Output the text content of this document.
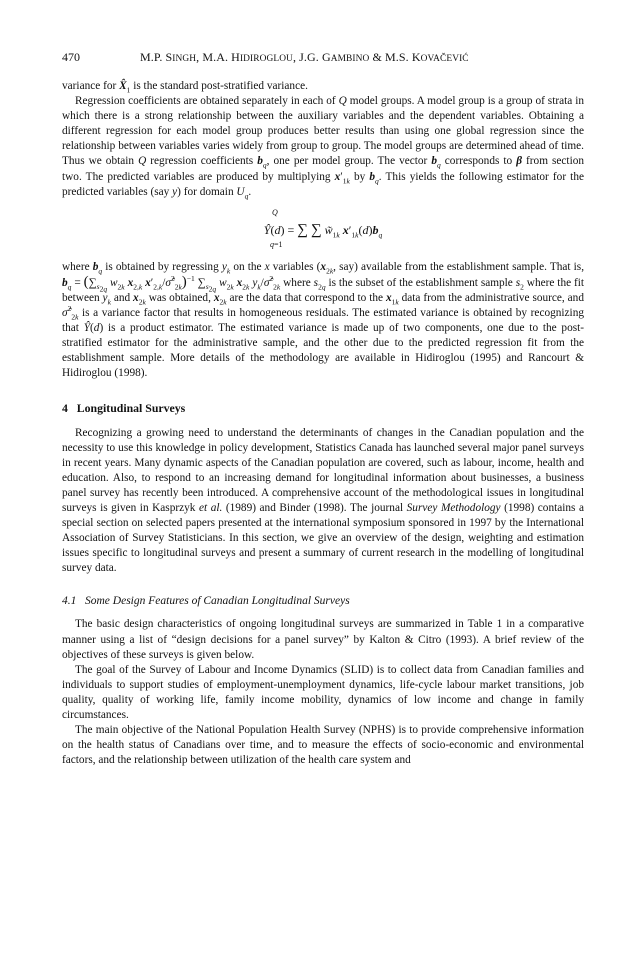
470	M.P. SINGH, M.A. HIDIROGLOU, J.G. GAMBINO & M.S. KOVAČEVIĆ

variance for $X̂_1$ is the standard post-stratified variance.

Regression coefficients are obtained separately in each of Q model groups. A model group is a group of strata in which there is a strong relationship between the auxiliary variables and the dependent variables. Obtaining a different regression for each model group produces better results than using one global regression since the relationship between variables varies widely from group to group. The model groups are determined ahead of time. Thus we obtain Q regression coefficients $b_q$, one per model group. The vector $b_q$ corresponds to β from section two. The predicted variables are produced by multiplying $x'_{1k}$ by $b_q$. This yields the following estimator for the predicted variables (say y) for domain $U_q$.

Q
Ŷ(d) = ∑ ∑ $w̃_{1k}$ $x'_{1k}(d)b_q$
q=1

where $b_q$ is obtained by regressing $y_k$ on the x variables ($x_{2k}$, say) available from the establishment sample. That is, $b_q = (\sum_{s_{2q}}$ $w_{2k}$ $x_{2,k}$ $x'_{2,k}/\sigmâ^2_{2k})^{-1}$ $\sum_{s_{2q}}$ $w_{2k}$ $x_{2k}$ $y_k/\sigmâ^2_{2k}$ where $s_{2q}$ is the subset of the establishment sample $s_2$ where the fit between $y_k$ and $x_{2k}$ was obtained, $x_{2k}$ are the data that correspond to the $x_{1k}$ data from the administrative source, and σ̂$^2_{2k}$ is a variance factor that results in homogeneous residuals. The estimated variance is obtained by recognizing that Ŷ(d) is a product estimator. The estimated variance is made up of two components, one due to the post-stratified estimator for the administrative sample, and the other due to the predicted regression fit from the establishment sample. More details of the methodology are available in Hidiroglou (1995) and Rancourt & Hidiroglou (1998).

4 Longitudinal Surveys

Recognizing a growing need to understand the determinants of changes in the Canadian population and the necessity to use this knowledge in policy development, Statistics Canada has launched several major panel surveys in recent years. Many dynamic aspects of the Canadian population are covered, such as labour, income, health and education. Also, to respond to an increasing demand for longitudinal information about businesses, a business panel survey has recently been introduced. A comprehensive account of the methodological issues in longitudinal surveys is given in Kasprzyk et al. (1989) and Binder (1998). The journal Survey Methodology (1998) contains a special section on selected papers presented at the international symposium sponsored in 1997 by the International Association of Survey Statisticians. In this section, we give an overview of the design, weighting and estimation issues specific to longitudinal surveys and present a summary of current research in the modelling of longitudinal survey data.

4.1 Some Design Features of Canadian Longitudinal Surveys

The basic design characteristics of ongoing longitudinal surveys are summarized in Table 1 in a comparative manner using a list of “design decisions for a panel survey” by Kalton & Citro (1993). A brief review of the objectives of these surveys is given below.

The goal of the Survey of Labour and Income Dynamics (SLID) is to collect data from Canadian families and individuals to support studies of employment-unemployment dynamics, life-cycle labour market transitions, job quality, quality of working life, family income mobility, dynamics of low income and change in family circumstances.

The main objective of the National Population Health Survey (NPHS) is to provide comprehensive information on the health status of Canadians over time, and to measure the effects of socio-economic and environmental factors, and the relationship between utilization of the health care system and
